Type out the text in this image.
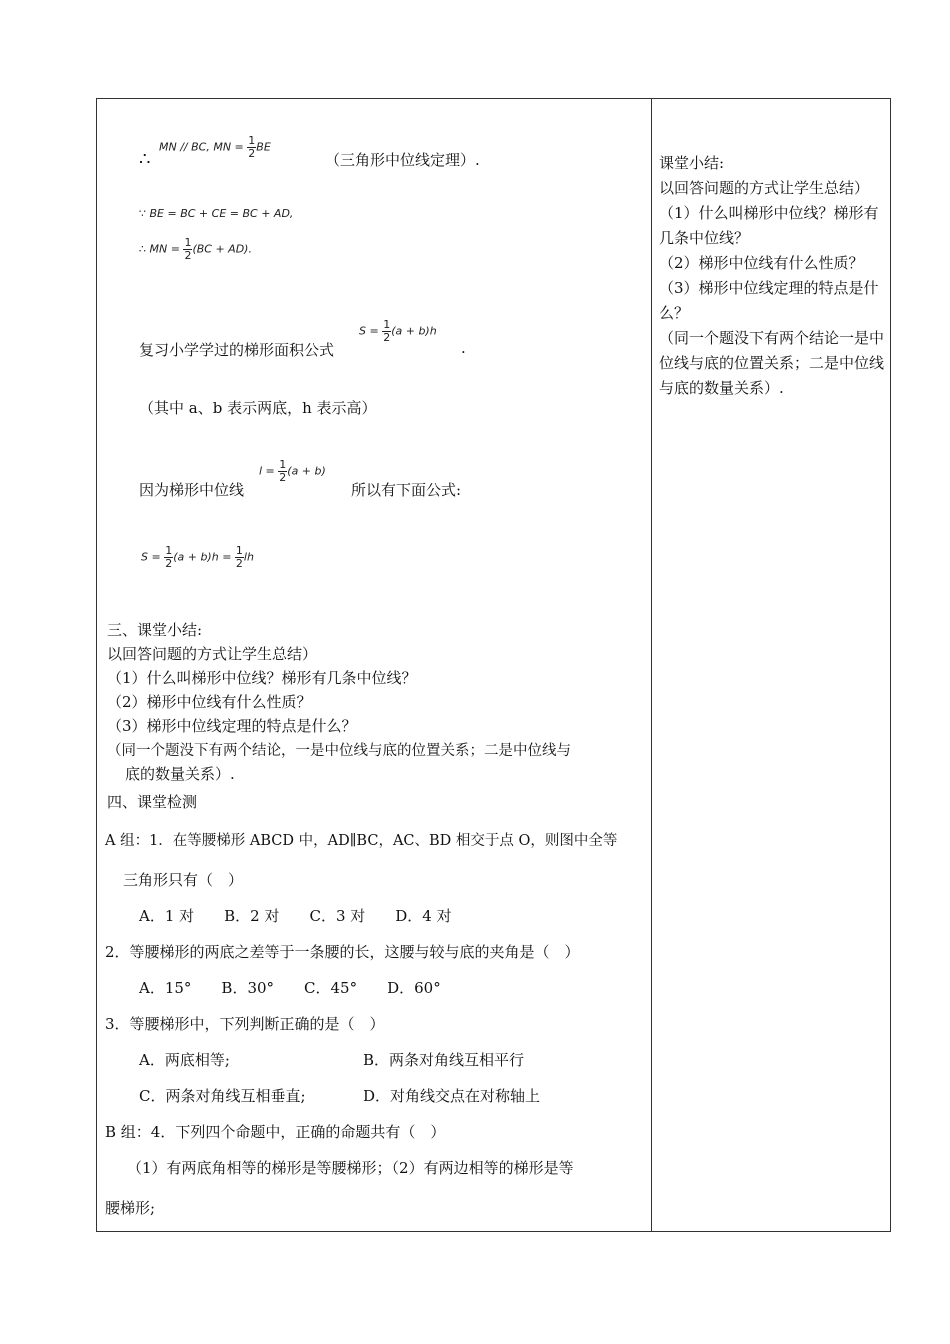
∴
MN // BC, MN = $\frac{1}{2}$ BE
（三角形中位线定理）.
∵ BE = BC + CE = BC + AD,
∴ MN = $\frac{1}{2} (BC + AD)$.
复习小学学过的梯形面积公式
$S = \frac{1}{2} (a + b)h$
.
（其中 a、b 表示两底，h 表示高）
因为梯形中位线
$l = \frac{1}{2} (a + b)$
所以有下面公式:
$S = \frac{1}{2} (a + b)h = \frac{1}{2}$ lh
三、课堂小结:
以回答问题的方式让学生总结）
（1）什么叫梯形中位线？梯形有几条中位线？
（2）梯形中位线有什么性质？
（3）梯形中位线定理的特点是什么？
（同一个题没下有两个结论，一是中位线与底的位置关系；二是中位线与
底的数量关系）.
四、课堂检测
A 组：1．在等腰梯形 ABCD 中，AD∥BC，AC、BD 相交于点 O，则图中全等
三角形只有（　）
A．1 对　　B．2 对　　C．3 对　　D．4 对
2．等腰梯形的两底之差等于一条腰的长，这腰与较与底的夹角是（　）
A．15°　　B．30°　　C．45°　　D．60°
3．等腰梯形中，下列判断正确的是（　）
A．两底相等;	B．两条对角线互相平行
C．两条对角线互相垂直;	D．对角线交点在对称轴上
B 组：4．下列四个命题中，正确的命题共有（　）
（1）有两底角相等的梯形是等腰梯形；（2）有两边相等的梯形是等
腰梯形;

课堂小结:

以回答问题的方式让学生总结）

（1）什么叫梯形中位线？梯形有几条中位线？

（2）梯形中位线有什么性质？

（3）梯形中位线定理的特点是什么？

（同一个题没下有两个结论一是中位线与底的位置关系；二是中位线与底的数量关系）.
